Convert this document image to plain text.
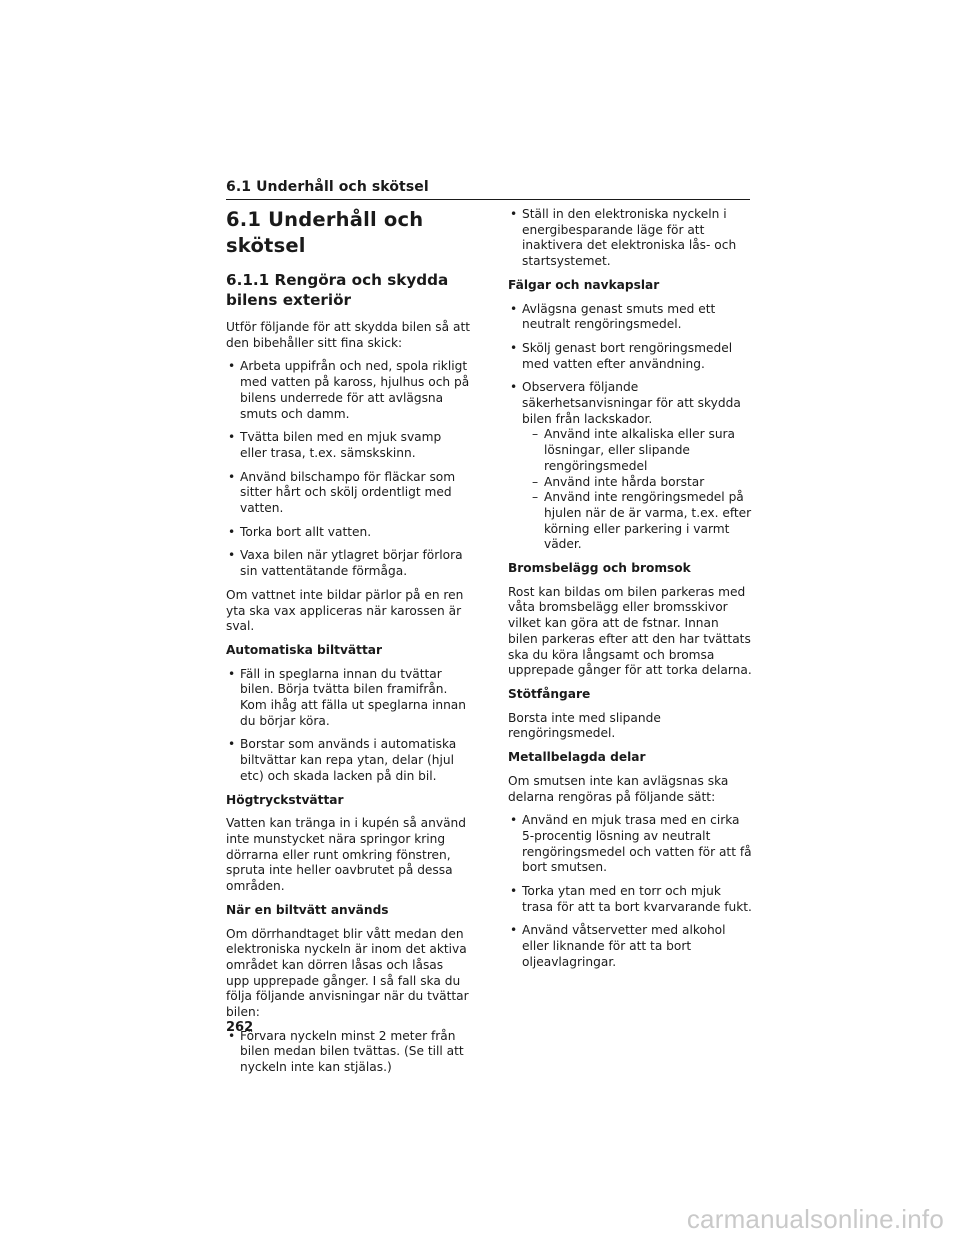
6.1 Underhåll och skötsel
6.1 Underhåll och skötsel
6.1.1 Rengöra och skydda bilens exteriör

Utför följande för att skydda bilen så att den bibehåller sitt fina skick:

• Arbeta uppifrån och ned, spola rikligt med vatten på kaross, hjulhus och på bilens underrede för att avlägsna smuts och damm.
• Tvätta bilen med en mjuk svamp eller trasa, t.ex. sämskskinn.
• Använd bilschampo för fläckar som sitter hårt och skölj ordentligt med vatten.
• Torka bort allt vatten.
• Vaxa bilen när ytlagret börjar förlora sin vattentätande förmåga.

Om vattnet inte bildar pärlor på en ren yta ska vax appliceras när karossen är sval.

Automatiska biltvättar
• Fäll in speglarna innan du tvättar bilen. Börja tvätta bilen framifrån. Kom ihåg att fälla ut speglarna innan du börjar köra.
• Borstar som används i automatiska biltvättar kan repa ytan, delar (hjul etc) och skada lacken på din bil.
Högtryckstvättar

Vatten kan tränga in i kupén så använd inte munstycket nära springor kring dörrarna eller runt omkring fönstren, spruta inte heller oavbrutet på dessa områden.

När en biltvätt används

Om dörrhandtaget blir vått medan den elektroniska nyckeln är inom det aktiva området kan dörren låsas och låsas upp upprepade gånger. I så fall ska du följa följande anvisningar när du tvättar bilen:

• Förvara nyckeln minst 2 meter från bilen medan bilen tvättas. (Se till att nyckeln inte kan stjälas.)
• Ställ in den elektroniska nyckeln i energibesparande läge för att inaktivera det elektroniska lås- och startsystemet.
Fälgar och navkapslar
• Avlägsna genast smuts med ett neutralt rengöringsmedel.
• Skölj genast bort rengöringsmedel med vatten efter användning.
• Observera följande säkerhetsanvisningar för att skydda bilen från lackskador.
– Använd inte alkaliska eller sura lösningar, eller slipande rengöringsmedel
– Använd inte hårda borstar
– Använd inte rengöringsmedel på hjulen när de är varma, t.ex. efter körning eller parkering i varmt väder.
Bromsbelägg och bromsok

Rost kan bildas om bilen parkeras med våta bromsbelägg eller bromsskivor vilket kan göra att de fstnar. Innan bilen parkeras efter att den har tvättats ska du köra långsamt och bromsa upprepade gånger för att torka delarna.

Stötfångare

Borsta inte med slipande rengöringsmedel.

Metallbelagda delar

Om smutsen inte kan avlägsnas ska delarna rengöras på följande sätt:

• Använd en mjuk trasa med en cirka 5-procentig lösning av neutralt rengöringsmedel och vatten för att få bort smutsen.
• Torka ytan med en torr och mjuk trasa för att ta bort kvarvarande fukt.
• Använd våtservetter med alkohol eller liknande för att ta bort oljeavlagringar.
262
carmanualsonline.info
